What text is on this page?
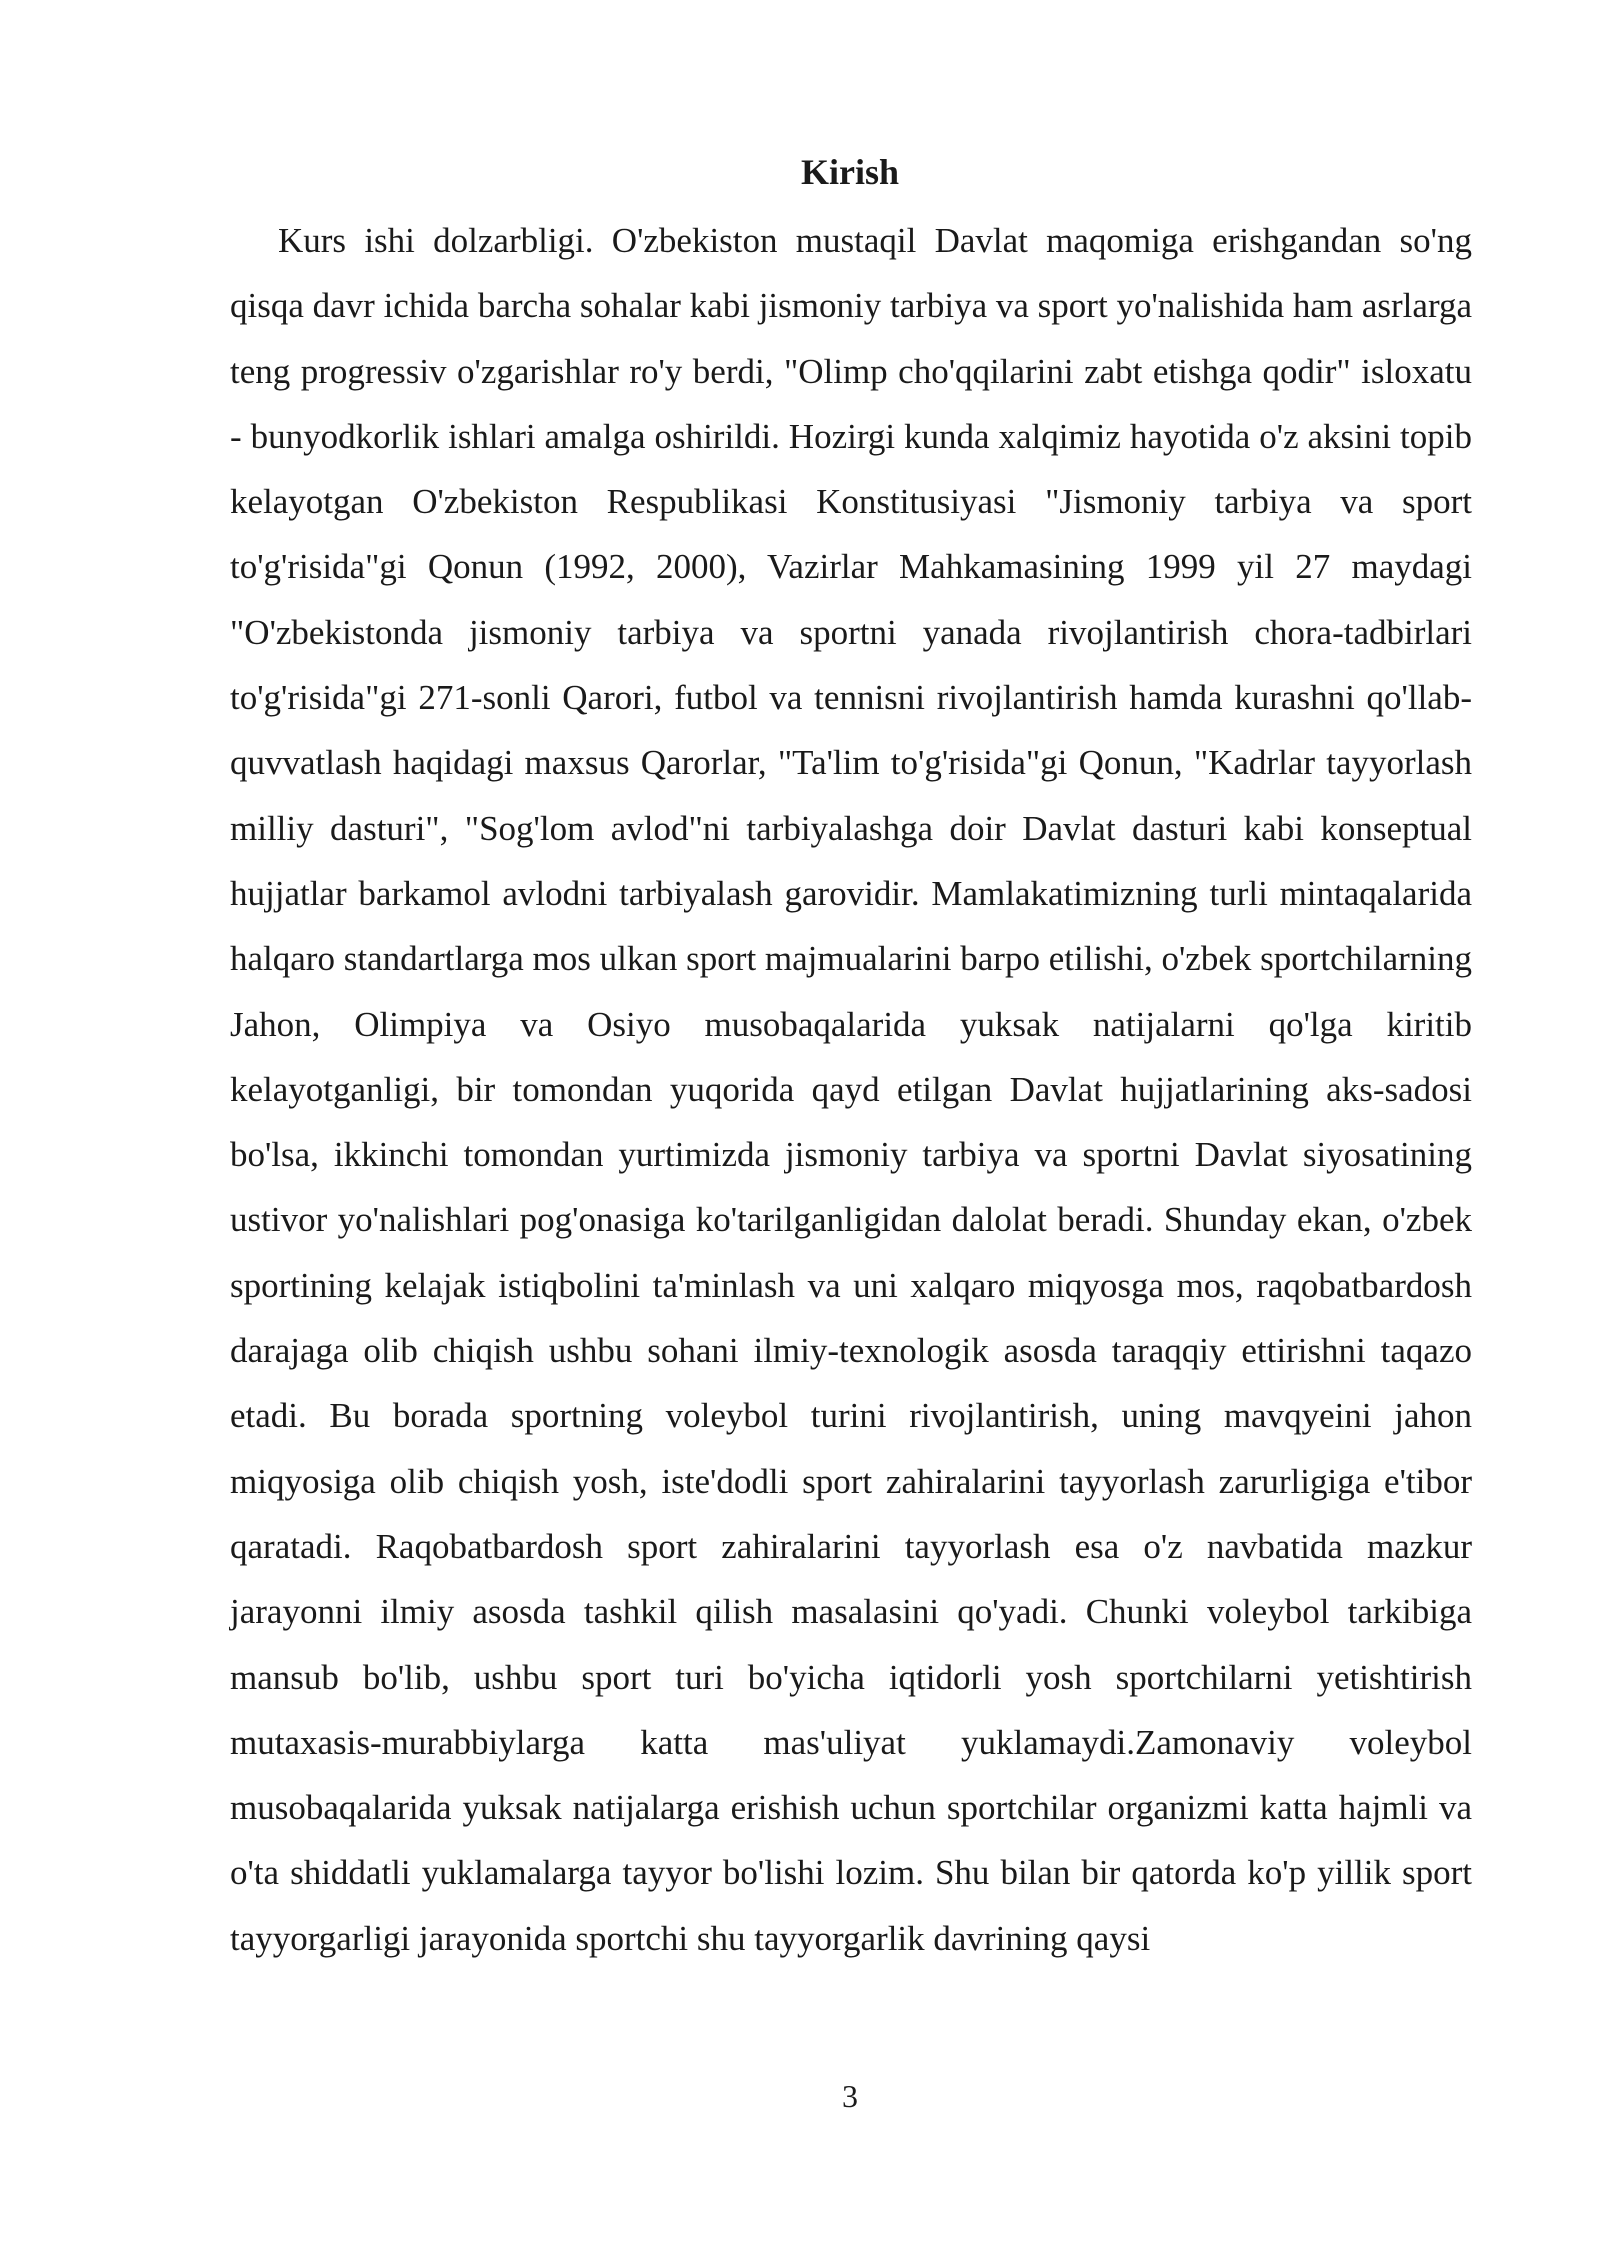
Kirish

Kurs ishi dolzarbligi. O'zbekiston mustaqil Davlat maqomiga erishgandan so'ng qisqa davr ichida barcha sohalar kabi jismoniy tarbiya va sport yo'nalishida ham asrlarga teng progressiv o'zgarishlar ro'y berdi, "Olimp cho'qqilarini zabt etishga qodir" isloxatu - bunyodkorlik ishlari amalga oshirildi. Hozirgi kunda xalqimiz hayotida o'z aksini topib kelayotgan O'zbekiston Respublikasi Konstitusiyasi "Jismoniy tarbiya va sport to'g'risida"gi Qonun (1992, 2000), Vazirlar Mahkamasining 1999 yil 27 maydagi "O'zbekistonda jismoniy tarbiya va sportni yanada rivojlantirish chora-tadbirlari to'g'risida"gi 271-sonli Qarori, futbol va tennisni rivojlantirish hamda kurashni qo'llab-quvvatlash haqidagi maxsus Qarorlar, "Ta'lim to'g'risida"gi Qonun, "Kadrlar tayyorlash milliy dasturi", "Sog'lom avlod"ni tarbiyalashga doir Davlat dasturi kabi konseptual hujjatlar barkamol avlodni tarbiyalash garovidir. Mamlakatimizning turli mintaqalarida halqaro standartlarga mos ulkan sport majmualarini barpo etilishi, o'zbek sportchilarning Jahon, Olimpiya va Osiyo musobaqalarida yuksak natijalarni qo'lga kiritib kelayotganligi, bir tomondan yuqorida qayd etilgan Davlat hujjatlarining aks-sadosi bo'lsa, ikkinchi tomondan yurtimizda jismoniy tarbiya va sportni Davlat siyosatining ustivor yo'nalishlari pog'onasiga ko'tarilganligidan dalolat beradi. Shunday ekan, o'zbek sportining kelajak istiqbolini ta'minlash va uni xalqaro miqyosga mos, raqobatbardosh darajaga olib chiqish ushbu sohani ilmiy-texnologik asosda taraqqiy ettirishni taqazo etadi. Bu borada sportning voleybol turini rivojlantirish, uning mavqyeini jahon miqyosiga olib chiqish yosh, iste'dodli sport zahiralarini tayyorlash zarurligiga e'tibor qaratadi. Raqobatbardosh sport zahiralarini tayyorlash esa o'z navbatida mazkur jarayonni ilmiy asosda tashkil qilish masalasini qo'yadi. Chunki voleybol tarkibiga mansub bo'lib, ushbu sport turi bo'yicha iqtidorli yosh sportchilarni yetishtirish mutaxasis-murabbiylarga katta mas'uliyat yuklamaydi.Zamonaviy voleybol musobaqalarida yuksak natijalarga erishish uchun sportchilar organizmi katta hajmli va o'ta shiddatli yuklamalarga tayyor bo'lishi lozim. Shu bilan bir qatorda ko'p yillik sport tayyorgarligi jarayonida sportchi shu tayyorgarlik davrining qaysi

3
